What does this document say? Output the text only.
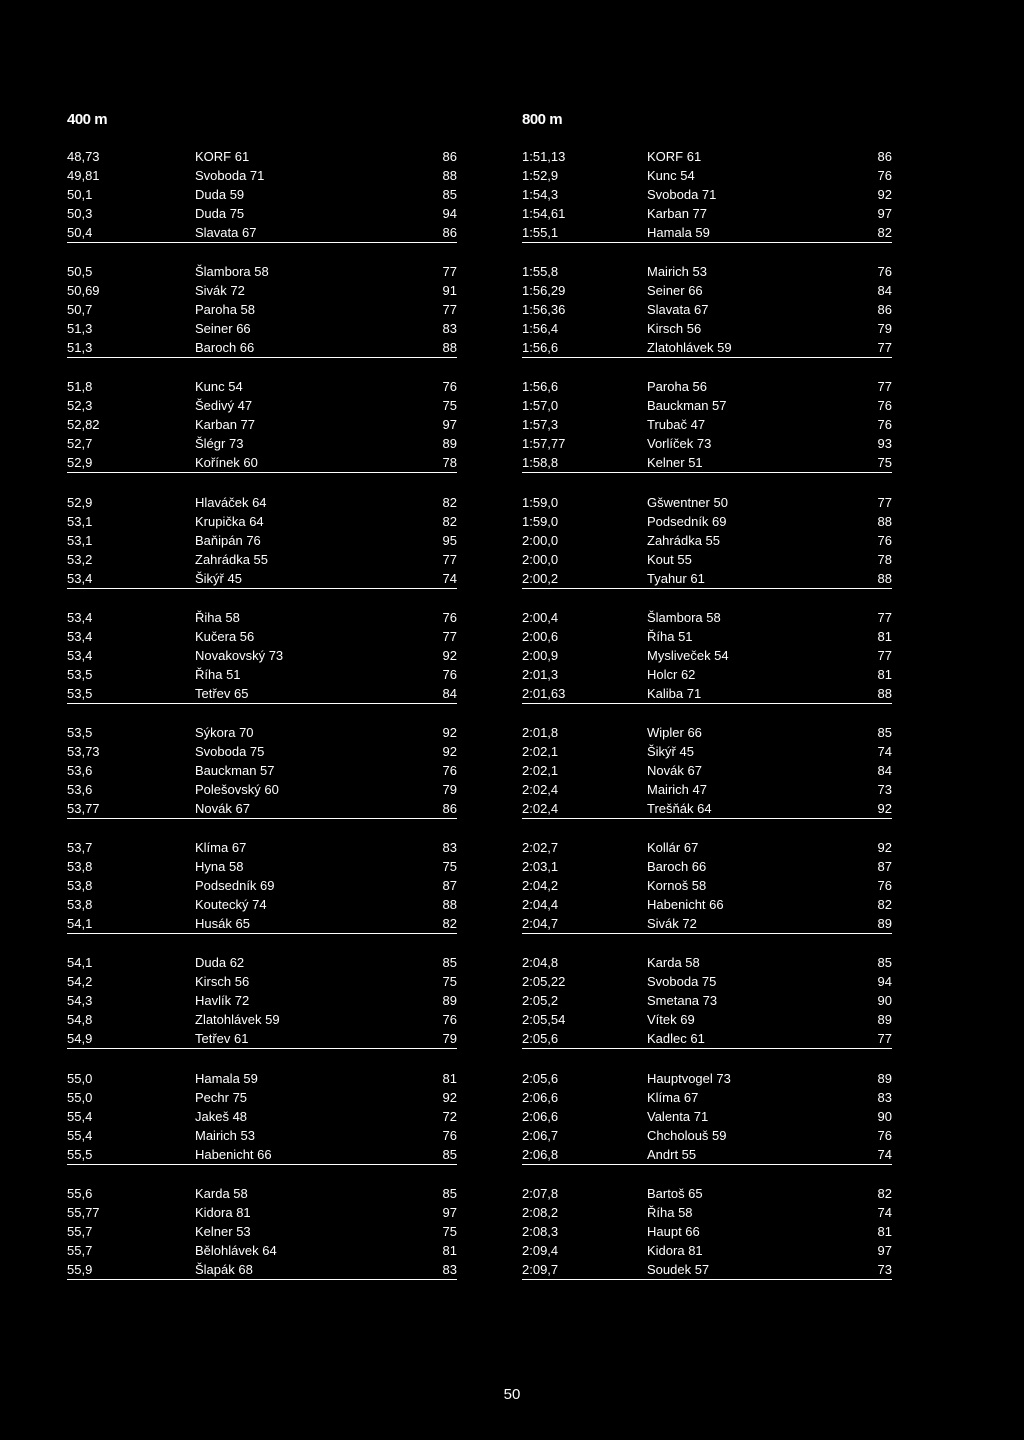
400 m
48,73	KORF 61	86
49,81	Svoboda 71	88
50,1	Duda 59	85
50,3	Duda 75	94
50,4	Slavata 67	86
50,5	Šlambora 58	77
50,69	Sivák 72	91
50,7	Paroha 58	77
51,3	Seiner 66	83
51,3	Baroch 66	88
51,8	Kunc 54	76
52,3	Šedivý 47	75
52,82	Karban 77	97
52,7	Šlégr 73	89
52,9	Kořínek 60	78
52,9	Hlaváček 64	82
53,1	Krupička 64	82
53,1	Baňipán 76	95
53,2	Zahrádka 55	77
53,4	Šikýř 45	74
53,4	Řiha 58	76
53,4	Kučera 56	77
53,4	Novakovský 73	92
53,5	Říha 51	76
53,5	Tetřev 65	84
53,5	Sýkora 70	92
53,73	Svoboda 75	92
53,6	Bauckman 57	76
53,6	Polešovský 60	79
53,77	Novák 67	86
53,7	Klíma 67	83
53,8	Hyna 58	75
53,8	Podsedník 69	87
53,8	Koutecký 74	88
54,1	Husák 65	82
54,1	Duda 62	85
54,2	Kirsch 56	75
54,3	Havlík 72	89
54,8	Zlatohlávek 59	76
54,9	Tetřev 61	79
55,0	Hamala 59	81
55,0	Pechr 75	92
55,4	Jakeš 48	72
55,4	Mairich 53	76
55,5	Habenicht 66	85
55,6	Karda 58	85
55,77	Kidora 81	97
55,7	Kelner 53	75
55,7	Bělohlávek 64	81
55,9	Šlapák 68	83
800 m
1:51,13	KORF 61	86
1:52,9	Kunc 54	76
1:54,3	Svoboda 71	92
1:54,61	Karban 77	97
1:55,1	Hamala 59	82
1:55,8	Mairich 53	76
1:56,29	Seiner 66	84
1:56,36	Slavata 67	86
1:56,4	Kirsch 56	79
1:56,6	Zlatohlávek 59	77
1:56,6	Paroha 56	77
1:57,0	Bauckman 57	76
1:57,3	Trubač 47	76
1:57,77	Vorlíček 73	93
1:58,8	Kelner 51	75
1:59,0	Gšwentner 50	77
1:59,0	Podsedník 69	88
2:00,0	Zahrádka 55	76
2:00,0	Kout 55	78
2:00,2	Tyahur 61	88
2:00,4	Šlambora 58	77
2:00,6	Říha 51	81
2:00,9	Mysliveček 54	77
2:01,3	Holcr 62	81
2:01,63	Kaliba 71	88
2:01,8	Wipler 66	85
2:02,1	Šikýř 45	74
2:02,1	Novák 67	84
2:02,4	Mairich 47	73
2:02,4	Trešňák 64	92
2:02,7	Kollár 67	92
2:03,1	Baroch 66	87
2:04,2	Kornoš 58	76
2:04,4	Habenicht 66	82
2:04,7	Sivák 72	89
2:04,8	Karda 58	85
2:05,22	Svoboda 75	94
2:05,2	Smetana 73	90
2:05,54	Vítek 69	89
2:05,6	Kadlec 61	77
2:05,6	Hauptvogel 73	89
2:06,6	Klíma 67	83
2:06,6	Valenta 71	90
2:06,7	Chcholouš 59	76
2:06,8	Andrt 55	74
2:07,8	Bartoš 65	82
2:08,2	Říha 58	74
2:08,3	Haupt 66	81
2:09,4	Kidora 81	97
2:09,7	Soudek 57	73
50
